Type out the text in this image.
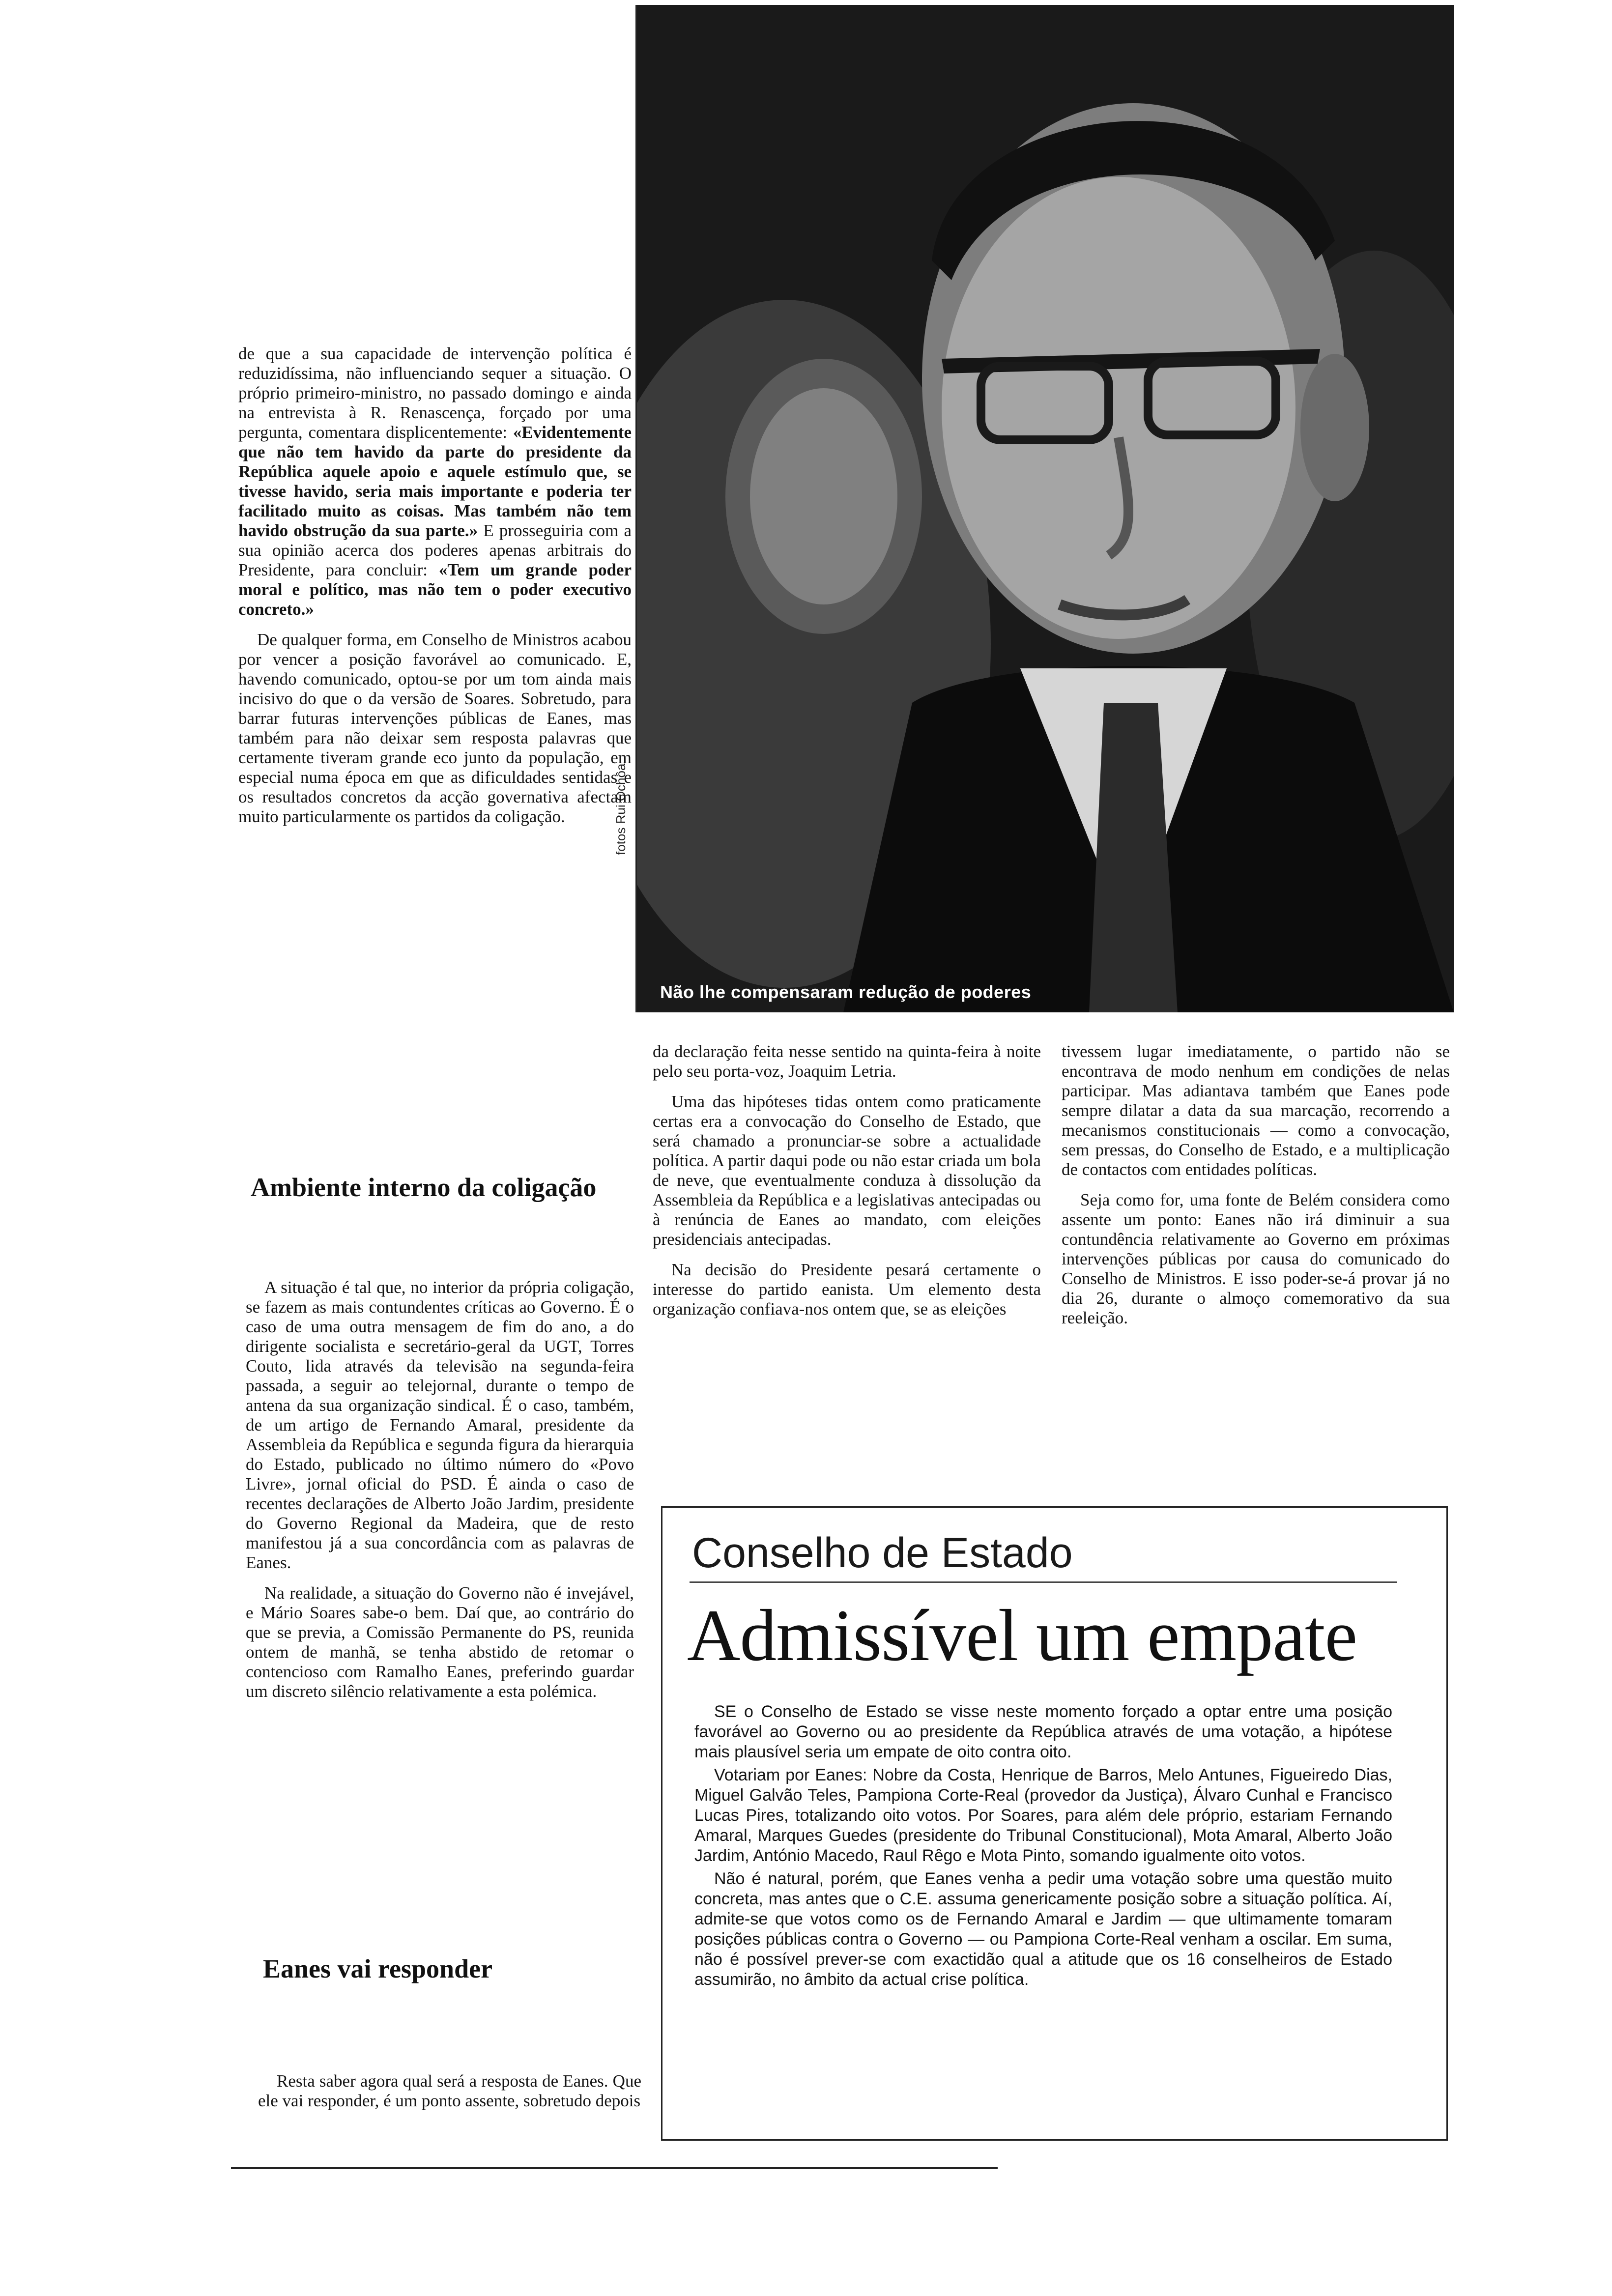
Não lhe compensaram redução de poderes
fotos Rui Ochôa

de que a sua capacidade de intervenção política é reduzidíssima, não influenciando sequer a situação. O próprio primeiro-ministro, no passado domingo e ainda na entrevista à R. Renascença, forçado por uma pergunta, comentara displicentemente: «Evidentemente que não tem havido da parte do presidente da República aquele apoio e aquele estímulo que, se tivesse havido, seria mais importante e poderia ter facilitado muito as coisas. Mas também não tem havido obstrução da sua parte.» E prosseguiria com a sua opinião acerca dos poderes apenas arbitrais do Presidente, para concluir: «Tem um grande poder moral e político, mas não tem o poder executivo concreto.»

De qualquer forma, em Conselho de Ministros acabou por vencer a posição favorável ao comunicado. E, havendo comunicado, optou-se por um tom ainda mais incisivo do que o da versão de Soares. Sobretudo, para barrar futuras intervenções públicas de Eanes, mas também para não deixar sem resposta palavras que certamente tiveram grande eco junto da população, em especial numa época em que as dificuldades sentidas e os resultados concretos da acção governativa afectam muito particularmente os partidos da coligação.

Ambiente interno da coligação

A situação é tal que, no interior da própria coligação, se fazem as mais contundentes críticas ao Governo. É o caso de uma outra mensagem de fim do ano, a do dirigente socialista e secretário-geral da UGT, Torres Couto, lida através da televisão na segunda-feira passada, a seguir ao telejornal, durante o tempo de antena da sua organização sindical. É o caso, também, de um artigo de Fernando Amaral, presidente da Assembleia da República e segunda figura da hierarquia do Estado, publicado no último número do «Povo Livre», jornal oficial do PSD. É ainda o caso de recentes declarações de Alberto João Jardim, presidente do Governo Regional da Madeira, que de resto manifestou já a sua concordância com as palavras de Eanes.

Na realidade, a situação do Governo não é invejável, e Mário Soares sabe-o bem. Daí que, ao contrário do que se previa, a Comissão Permanente do PS, reunida ontem de manhã, se tenha abstido de retomar o contencioso com Ramalho Eanes, preferindo guardar um discreto silêncio relativamente a esta polémica.

Eanes vai responder

Resta saber agora qual será a resposta de Eanes. Que ele vai responder, é um ponto assente, sobretudo depois

da declaração feita nesse sentido na quinta-feira à noite pelo seu porta-voz, Joaquim Letria.

Uma das hipóteses tidas ontem como praticamente certas era a convocação do Conselho de Estado, que será chamado a pronunciar-se sobre a actualidade política. A partir daqui pode ou não estar criada um bola de neve, que eventualmente conduza à dissolução da Assembleia da República e a legislativas antecipadas ou à renúncia de Eanes ao mandato, com eleições presidenciais antecipadas.

Na decisão do Presidente pesará certamente o interesse do partido eanista. Um elemento desta organização confiava-nos ontem que, se as eleições

tivessem lugar imediatamente, o partido não se encontrava de modo nenhum em condições de nelas participar. Mas adiantava também que Eanes pode sempre dilatar a data da sua marcação, recorrendo a mecanismos constitucionais — como a convocação, sem pressas, do Conselho de Estado, e a multiplicação de contactos com entidades políticas.

Seja como for, uma fonte de Belém considera como assente um ponto: Eanes não irá diminuir a sua contundência relativamente ao Governo em próximas intervenções públicas por causa do comunicado do Conselho de Ministros. E isso poder-se-á provar já no dia 26, durante o almoço comemorativo da sua reeleição.

Conselho de Estado
Admissível um empate

SE o Conselho de Estado se visse neste momento forçado a optar entre uma posição favorável ao Governo ou ao presidente da República através de uma votação, a hipótese mais plausível seria um empate de oito contra oito.

Votariam por Eanes: Nobre da Costa, Henrique de Barros, Melo Antunes, Figueiredo Dias, Miguel Galvão Teles, Pampiona Corte-Real (provedor da Justiça), Álvaro Cunhal e Francisco Lucas Pires, totalizando oito votos. Por Soares, para além dele próprio, estariam Fernando Amaral, Marques Guedes (presidente do Tribunal Constitucional), Mota Amaral, Alberto João Jardim, António Macedo, Raul Rêgo e Mota Pinto, somando igualmente oito votos.

Não é natural, porém, que Eanes venha a pedir uma votação sobre uma questão muito concreta, mas antes que o C.E. assuma genericamente posição sobre a situação política. Aí, admite-se que votos como os de Fernando Amaral e Jardim — que ultimamente tomaram posições públicas contra o Governo — ou Pampiona Corte-Real venham a oscilar. Em suma, não é possível prever-se com exactidão qual a atitude que os 16 conselheiros de Estado assumirão, no âmbito da actual crise política.
